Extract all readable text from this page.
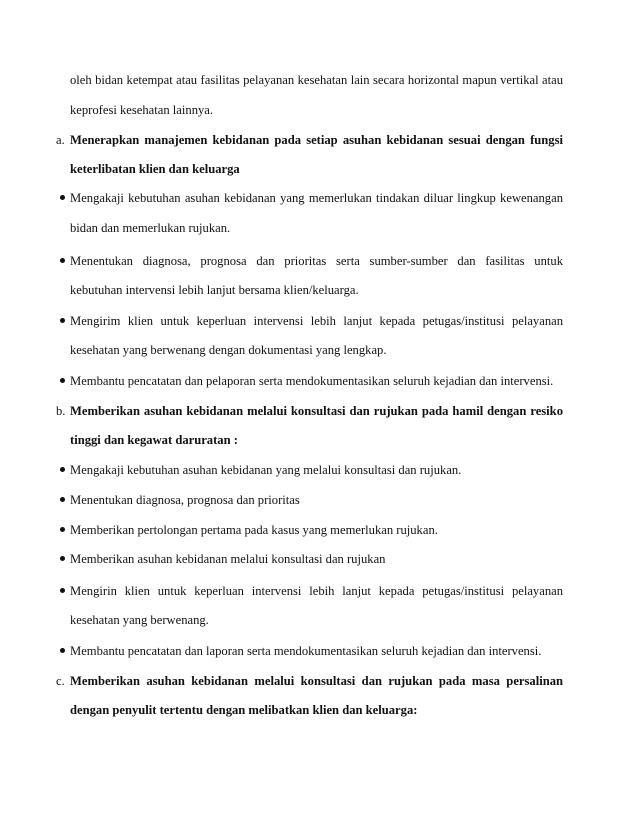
oleh bidan ketempat atau fasilitas pelayanan kesehatan lain secara horizontal mapun vertikal atau
keprofesi kesehatan lainnya.
a. Menerapkan manajemen kebidanan pada setiap asuhan kebidanan sesuai dengan fungsi
keterlibatan klien dan keluarga
Mengakaji kebutuhan asuhan kebidanan yang memerlukan tindakan diluar lingkup kewenangan
bidan dan memerlukan rujukan.
Menentukan diagnosa, prognosa dan prioritas serta sumber-sumber dan fasilitas untuk
kebutuhan intervensi lebih lanjut bersama klien/keluarga.
Mengirim klien untuk keperluan intervensi lebih lanjut kepada petugas/institusi pelayanan
kesehatan yang berwenang dengan dokumentasi yang lengkap.
Membantu pencatatan dan pelaporan serta mendokumentasikan seluruh kejadian dan intervensi.
b. Memberikan asuhan kebidanan melalui konsultasi dan rujukan pada hamil dengan resiko
tinggi dan kegawat daruratan :
Mengakaji kebutuhan asuhan kebidanan yang melalui konsultasi dan rujukan.
Menentukan diagnosa, prognosa dan prioritas
Memberikan pertolongan pertama pada kasus yang memerlukan rujukan.
Memberikan asuhan kebidanan melalui konsultasi dan rujukan
Mengirin klien untuk keperluan intervensi lebih lanjut kepada petugas/institusi pelayanan
kesehatan yang berwenang.
Membantu pencatatan dan laporan serta mendokumentasikan seluruh kejadian dan intervensi.
c. Memberikan asuhan kebidanan melalui konsultasi dan rujukan pada masa persalinan
dengan penyulit tertentu dengan melibatkan klien dan keluarga:
